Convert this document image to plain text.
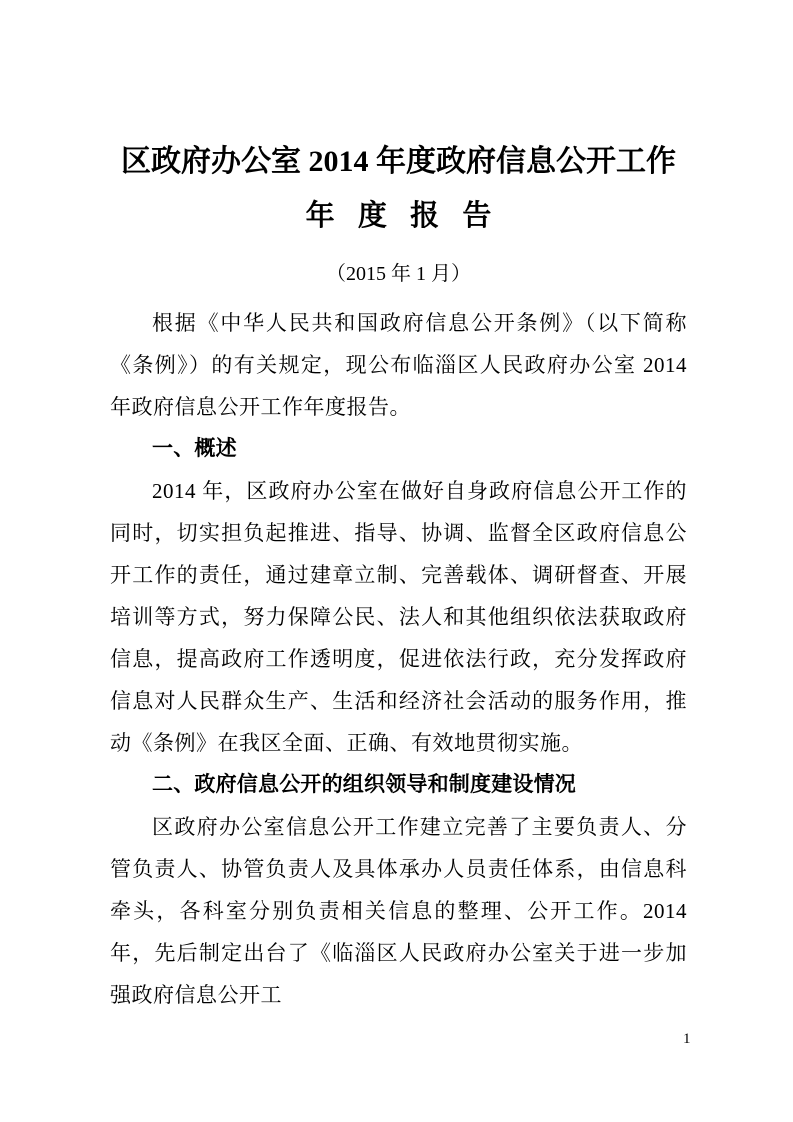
区政府办公室 2014 年度政府信息公开工作
年 度 报 告

（2015 年 1 月）

根据《中华人民共和国政府信息公开条例》（以下简称《条例》）的有关规定，现公布临淄区人民政府办公室 2014 年政府信息公开工作年度报告。

一、概述

2014 年，区政府办公室在做好自身政府信息公开工作的同时，切实担负起推进、指导、协调、监督全区政府信息公开工作的责任，通过建章立制、完善载体、调研督查、开展培训等方式，努力保障公民、法人和其他组织依法获取政府信息，提高政府工作透明度，促进依法行政，充分发挥政府信息对人民群众生产、生活和经济社会活动的服务作用，推动《条例》在我区全面、正确、有效地贯彻实施。

二、政府信息公开的组织领导和制度建设情况

区政府办公室信息公开工作建立完善了主要负责人、分管负责人、协管负责人及具体承办人员责任体系，由信息科牵头，各科室分别负责相关信息的整理、公开工作。2014 年，先后制定出台了《临淄区人民政府办公室关于进一步加强政府信息公开工

1
